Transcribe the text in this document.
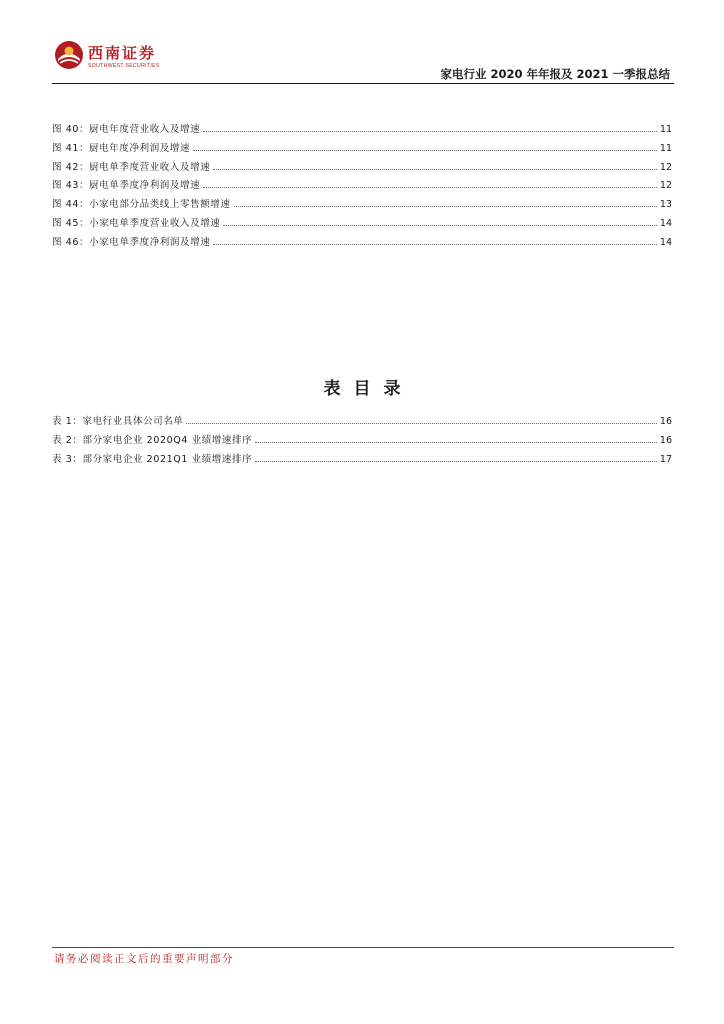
西南证券
SOUTHWEST SECURITIES
家电行业 2020 年年报及 2021 一季报总结
图 40：厨电年度营业收入及增速	11
图 41：厨电年度净利润及增速	11
图 42：厨电单季度营业收入及增速	12
图 43：厨电单季度净利润及增速	12
图 44：小家电部分品类线上零售额增速	13
图 45：小家电单季度营业收入及增速	14
图 46：小家电单季度净利润及增速	14
表目录
表 1：家电行业具体公司名单	16
表 2：部分家电企业 2020Q4 业绩增速排序	16
表 3：部分家电企业 2021Q1 业绩增速排序	17
请务必阅读正文后的重要声明部分
